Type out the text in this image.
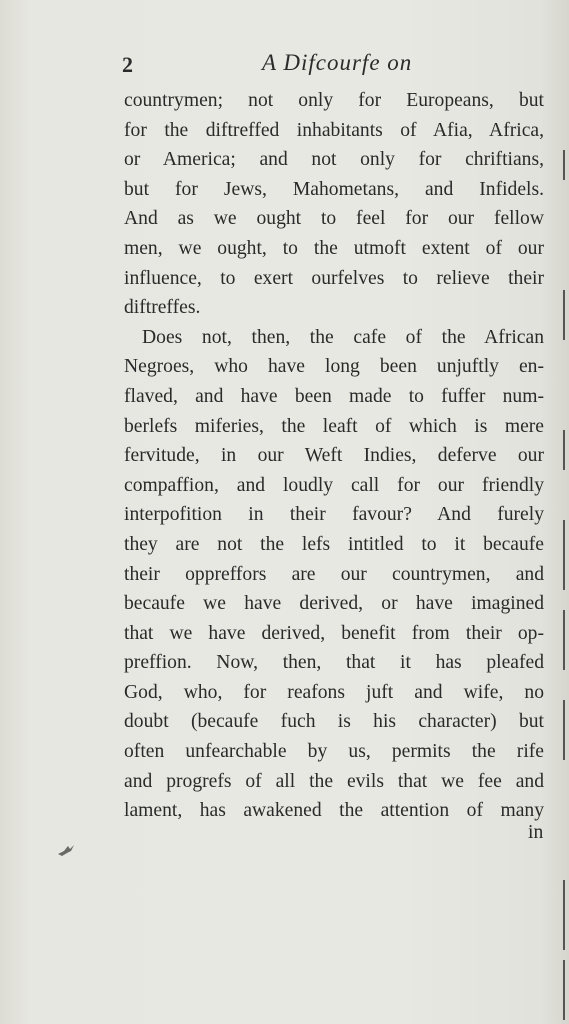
2	A Difcourfe on
countrymen; not only for Europeans, but
for the diftreffed inhabitants of Afia, Africa,
or America; and not only for chriftians,
but for Jews, Mahometans, and Infidels.
And as we ought to feel for our fellow
men, we ought, to the utmoft extent of our
influence, to exert ourfelves to relieve their
diftreffes.
Does not, then, the cafe of the African
Negroes, who have long been unjuftly en-
flaved, and have been made to fuffer num-
berlefs miferies, the leaft of which is mere
fervitude, in our Weft Indies, deferve our
compaffion, and loudly call for our friendly
interpofition in their favour? And furely
they are not the lefs intitled to it becaufe
their oppreffors are our countrymen, and
becaufe we have derived, or have imagined
that we have derived, benefit from their op-
preffion. Now, then, that it has pleafed
God, who, for reafons juft and wife, no
doubt (becaufe fuch is his character) but
often unfearchable by us, permits the rife
and progrefs of all the evils that we fee and
lament, has awakened the attention of many
in
